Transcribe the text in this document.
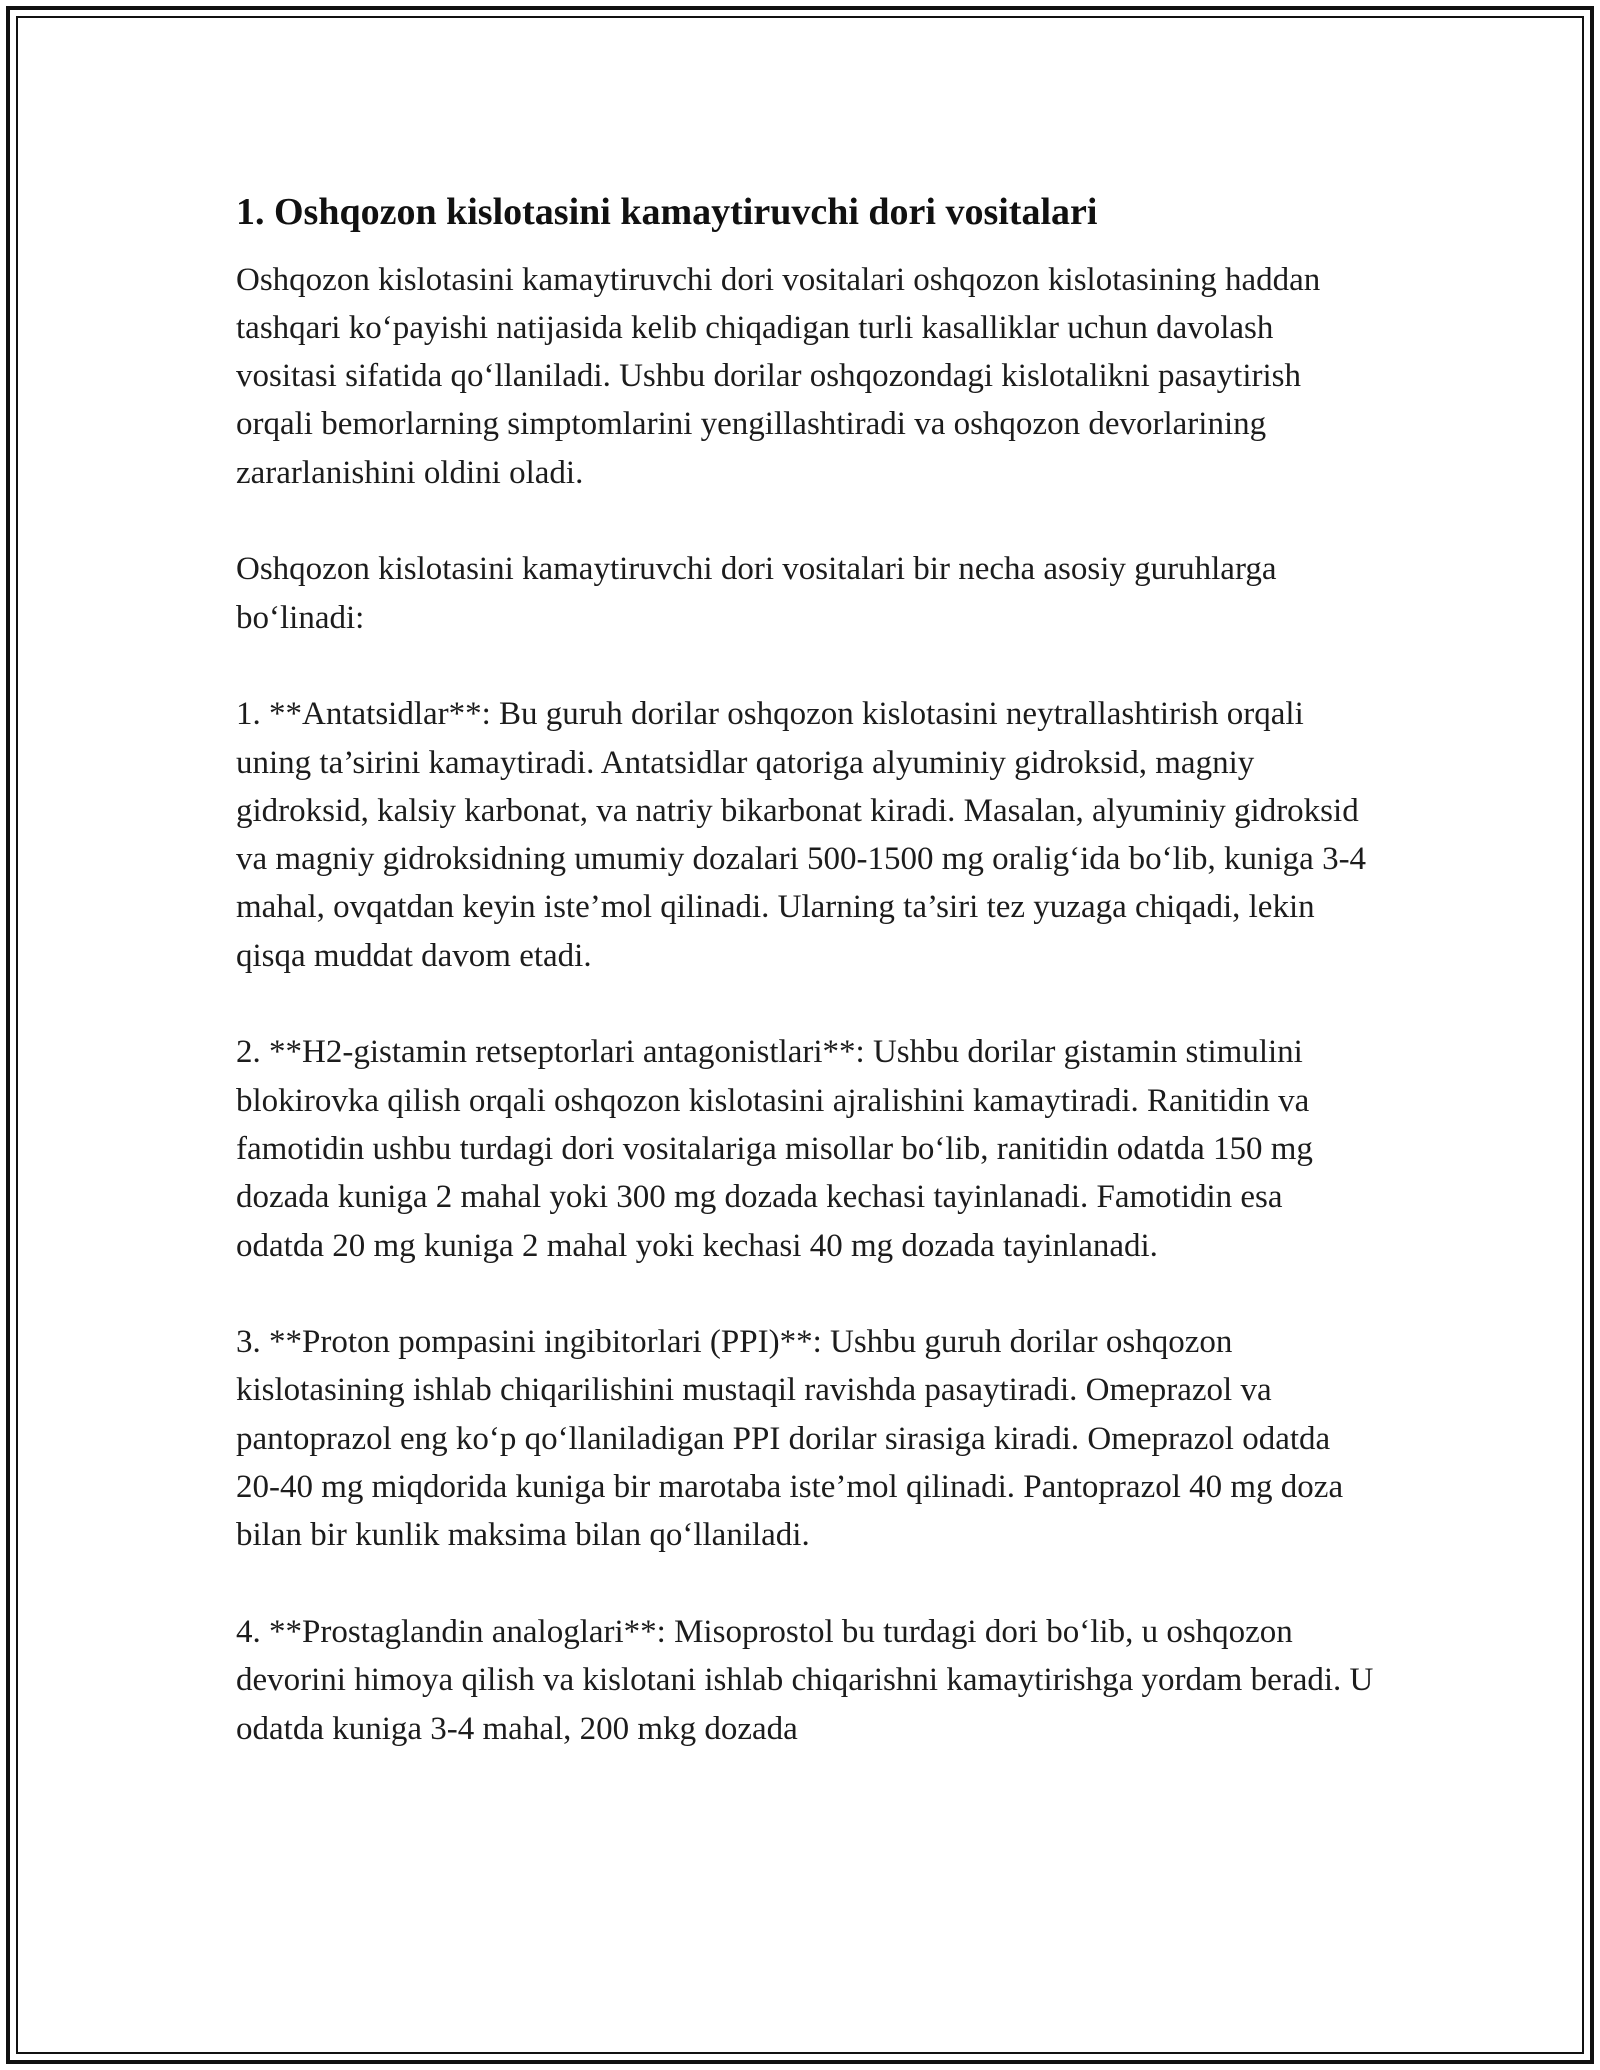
1. Oshqozon kislotasini kamaytiruvchi dori vositalari

Oshqozon kislotasini kamaytiruvchi dori vositalari oshqozon kislotasining haddan tashqari ko‘payishi natijasida kelib chiqadigan turli kasalliklar uchun davolash vositasi sifatida qo‘llaniladi. Ushbu dorilar oshqozondagi kislotalikni pasaytirish orqali bemorlarning simptomlarini yengillashtiradi va oshqozon devorlarining zararlanishini oldini oladi.

Oshqozon kislotasini kamaytiruvchi dori vositalari bir necha asosiy guruhlarga bo‘linadi:

1. **Antatsidlar**: Bu guruh dorilar oshqozon kislotasini neytrallashtirish orqali uning ta’sirini kamaytiradi. Antatsidlar qatoriga alyuminiy gidroksid, magniy gidroksid, kalsiy karbonat, va natriy bikarbonat kiradi. Masalan, alyuminiy gidroksid va magniy gidroksidning umumiy dozalari 500-1500 mg oralig‘ida bo‘lib, kuniga 3-4 mahal, ovqatdan keyin iste’mol qilinadi. Ularning ta’siri tez yuzaga chiqadi, lekin qisqa muddat davom etadi.

2. **H2-gistamin retseptorlari antagonistlari**: Ushbu dorilar gistamin stimulini blokirovka qilish orqali oshqozon kislotasini ajralishini kamaytiradi. Ranitidin va famotidin ushbu turdagi dori vositalariga misollar bo‘lib, ranitidin odatda 150 mg dozada kuniga 2 mahal yoki 300 mg dozada kechasi tayinlanadi. Famotidin esa odatda 20 mg kuniga 2 mahal yoki kechasi 40 mg dozada tayinlanadi.

3. **Proton pompasini ingibitorlari (PPI)**: Ushbu guruh dorilar oshqozon kislotasining ishlab chiqarilishini mustaqil ravishda pasaytiradi. Omeprazol va pantoprazol eng ko‘p qo‘llaniladigan PPI dorilar sirasiga kiradi. Omeprazol odatda 20-40 mg miqdorida kuniga bir marotaba iste’mol qilinadi. Pantoprazol 40 mg doza bilan bir kunlik maksima bilan qo‘llaniladi.

4. **Prostaglandin analoglari**: Misoprostol bu turdagi dori bo‘lib, u oshqozon devorini himoya qilish va kislotani ishlab chiqarishni kamaytirishga yordam beradi. U odatda kuniga 3-4 mahal, 200 mkg dozada
